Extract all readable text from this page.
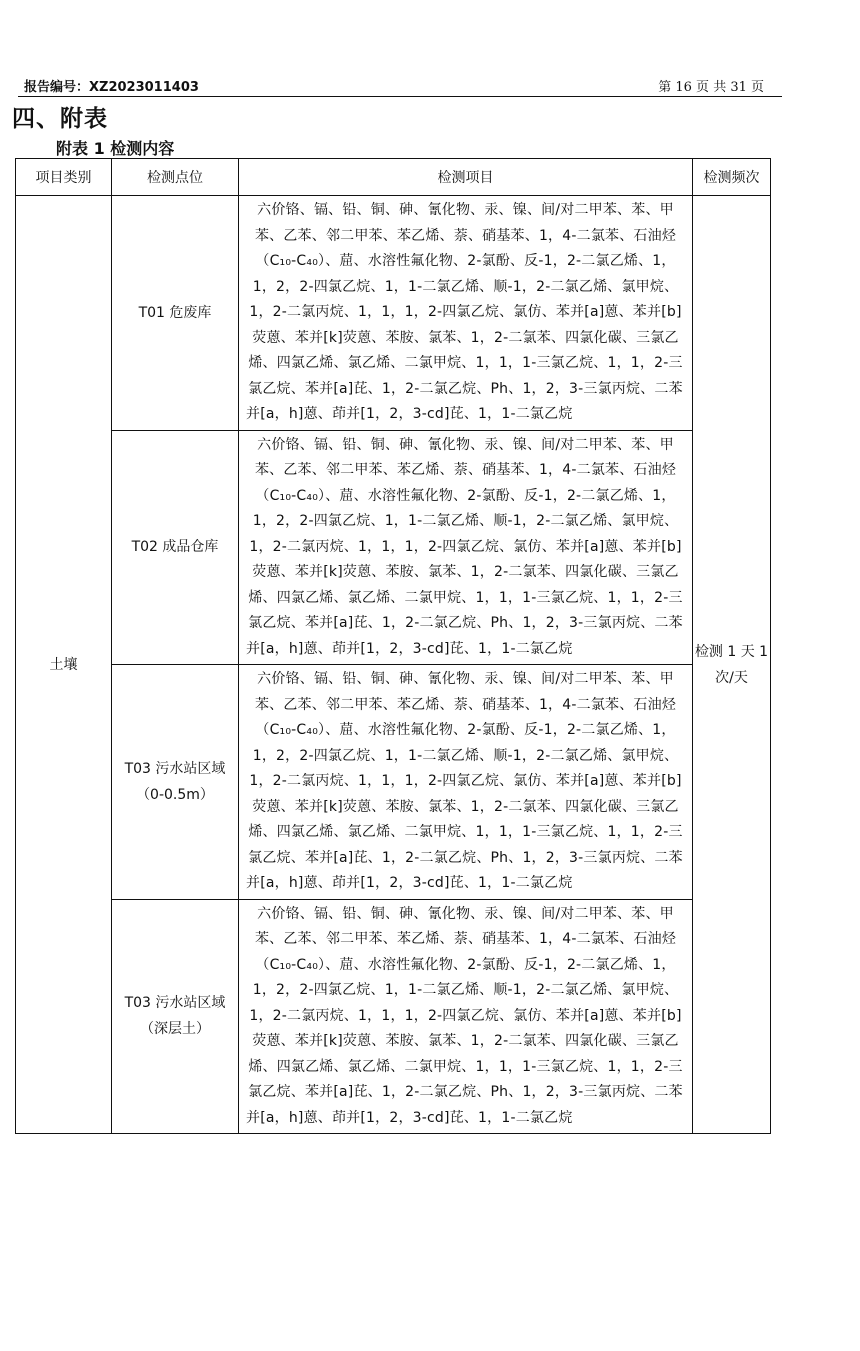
报告编号：XZ2023011403	第 16 页 共 31 页
四、附表
附表 1 检测内容
项目类别	检测点位	检测项目	检测频次
土壤	T01 危废库	六价铬、镉、铅、铜、砷、氰化物、汞、镍、间/对二甲苯、苯、甲苯、乙苯、邻二甲苯、苯乙烯、萘、硝基苯、1，4-二氯苯、石油烃（C₁₀-C₄₀）、䓛、水溶性氟化物、2-氯酚、反-1，2-二氯乙烯、1，1，2，2-四氯乙烷、1，1-二氯乙烯、顺-1，2-二氯乙烯、氯甲烷、1，2-二氯丙烷、1，1，1，2-四氯乙烷、氯仿、苯并[a]蒽、苯并[b]荧蒽、苯并[k]荧蒽、苯胺、氯苯、1，2-二氯苯、四氯化碳、三氯乙烯、四氯乙烯、氯乙烯、二氯甲烷、1，1，1-三氯乙烷、1，1，2-三氯乙烷、苯并[a]芘、1，2-二氯乙烷、Ph、1，2，3-三氯丙烷、二苯并[a，h]蒽、茚并[1，2，3-cd]芘、1，1-二氯乙烷	检测 1 天 1 次/天

	T02 成品仓库	六价铬、镉、铅、铜、砷、氰化物、汞、镍、间/对二甲苯、苯、甲苯、乙苯、邻二甲苯、苯乙烯、萘、硝基苯、1，4-二氯苯、石油烃（C₁₀-C₄₀）、䓛、水溶性氟化物、2-氯酚、反-1，2-二氯乙烯、1，1，2，2-四氯乙烷、1，1-二氯乙烯、顺-1，2-二氯乙烯、氯甲烷、1，2-二氯丙烷、1，1，1，2-四氯乙烷、氯仿、苯并[a]蒽、苯并[b]荧蒽、苯并[k]荧蒽、苯胺、氯苯、1，2-二氯苯、四氯化碳、三氯乙烯、四氯乙烯、氯乙烯、二氯甲烷、1，1，1-三氯乙烷、1，1，2-三氯乙烷、苯并[a]芘、1，2-二氯乙烷、Ph、1，2，3-三氯丙烷、二苯并[a，h]蒽、茚并[1，2，3-cd]芘、1，1-二氯乙烷	

	T03 污水站区域
（0-0.5m）	六价铬、镉、铅、铜、砷、氰化物、汞、镍、间/对二甲苯、苯、甲苯、乙苯、邻二甲苯、苯乙烯、萘、硝基苯、1，4-二氯苯、石油烃（C₁₀-C₄₀）、䓛、水溶性氟化物、2-氯酚、反-1，2-二氯乙烯、1，1，2，2-四氯乙烷、1，1-二氯乙烯、顺-1，2-二氯乙烯、氯甲烷、1，2-二氯丙烷、1，1，1，2-四氯乙烷、氯仿、苯并[a]蒽、苯并[b]荧蒽、苯并[k]荧蒽、苯胺、氯苯、1，2-二氯苯、四氯化碳、三氯乙烯、四氯乙烯、氯乙烯、二氯甲烷、1，1，1-三氯乙烷、1，1，2-三氯乙烷、苯并[a]芘、1，2-二氯乙烷、Ph、1，2，3-三氯丙烷、二苯并[a，h]蒽、茚并[1，2，3-cd]芘、1，1-二氯乙烷	

	T03 污水站区域
（深层土）	六价铬、镉、铅、铜、砷、氰化物、汞、镍、间/对二甲苯、苯、甲苯、乙苯、邻二甲苯、苯乙烯、萘、硝基苯、1，4-二氯苯、石油烃（C₁₀-C₄₀）、䓛、水溶性氟化物、2-氯酚、反-1，2-二氯乙烯、1，1，2，2-四氯乙烷、1，1-二氯乙烯、顺-1，2-二氯乙烯、氯甲烷、1，2-二氯丙烷、1，1，1，2-四氯乙烷、氯仿、苯并[a]蒽、苯并[b]荧蒽、苯并[k]荧蒽、苯胺、氯苯、1，2-二氯苯、四氯化碳、三氯乙烯、四氯乙烯、氯乙烯、二氯甲烷、1，1，1-三氯乙烷、1，1，2-三氯乙烷、苯并[a]芘、1，2-二氯乙烷、Ph、1，2，3-三氯丙烷、二苯并[a，h]蒽、茚并[1，2，3-cd]芘、1，1-二氯乙烷	
